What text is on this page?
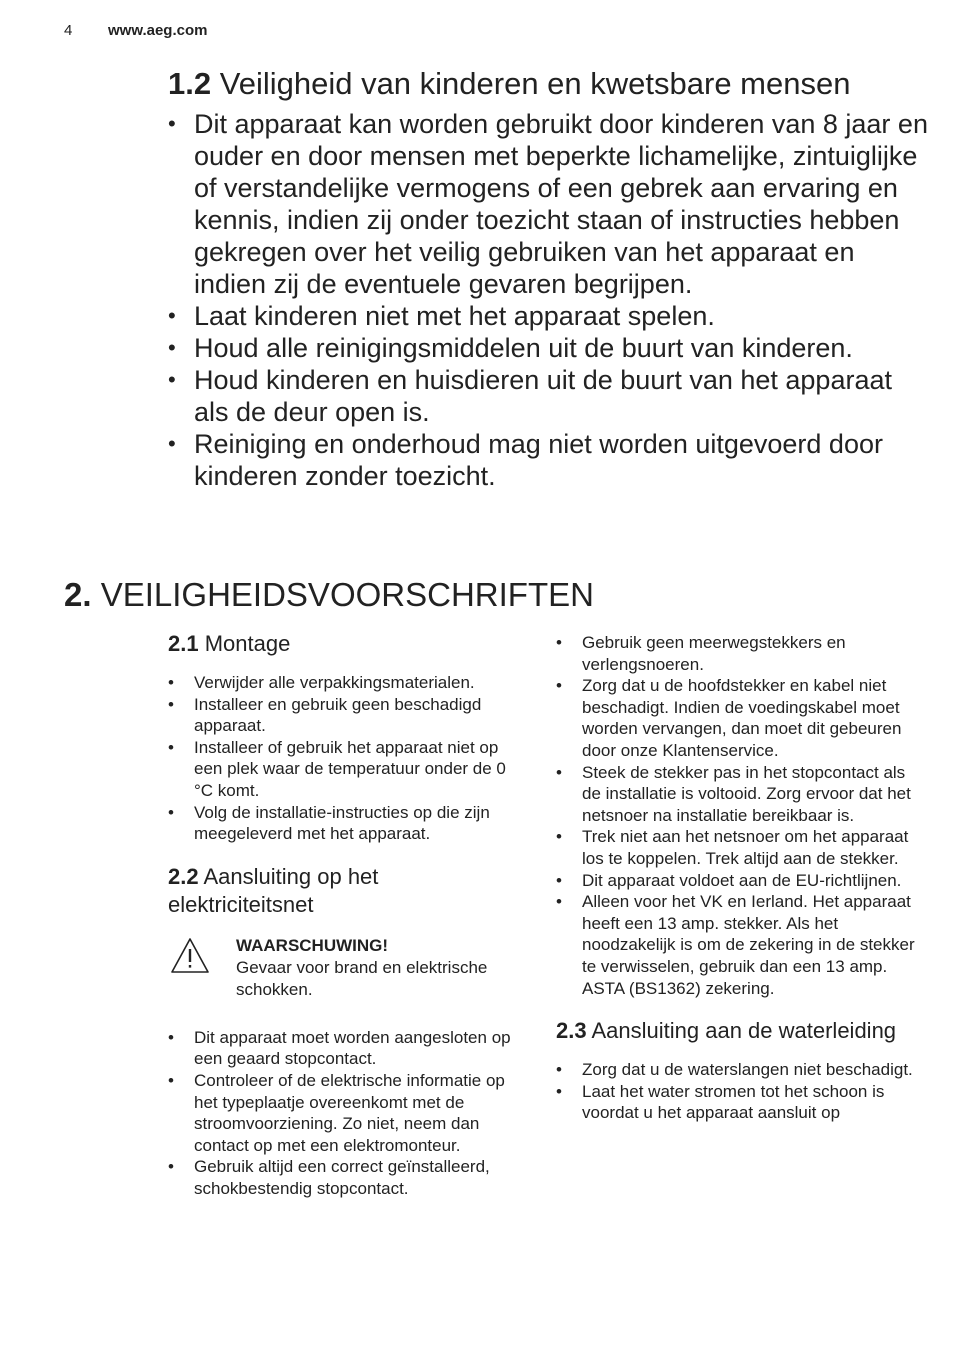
4 www.aeg.com
1.2 Veiligheid van kinderen en kwetsbare mensen
• Dit apparaat kan worden gebruikt door kinderen van 8 jaar en ouder en door mensen met beperkte lichamelijke, zintuiglijke of verstandelijke vermogens of een gebrek aan ervaring en kennis, indien zij onder toezicht staan of instructies hebben gekregen over het veilig gebruiken van het apparaat en indien zij de eventuele gevaren begrijpen.
• Laat kinderen niet met het apparaat spelen.
• Houd alle reinigingsmiddelen uit de buurt van kinderen.
• Houd kinderen en huisdieren uit de buurt van het apparaat als de deur open is.
• Reiniging en onderhoud mag niet worden uitgevoerd door kinderen zonder toezicht.
2. VEILIGHEIDSVOORSCHRIFTEN
2.1 Montage
• Verwijder alle verpakkingsmaterialen.
• Installeer en gebruik geen beschadigd apparaat.
• Installeer of gebruik het apparaat niet op een plek waar de temperatuur onder de 0 °C komt.
• Volg de installatie-instructies op die zijn meegeleverd met het apparaat.
2.2 Aansluiting op het elektriciteitsnet
WAARSCHUWING!
Gevaar voor brand en elektrische schokken.
• Dit apparaat moet worden aangesloten op een geaard stopcontact.
• Controleer of de elektrische informatie op het typeplaatje overeenkomt met de stroomvoorziening. Zo niet, neem dan contact op met een elektromonteur.
• Gebruik altijd een correct geïnstalleerd, schokbestendig stopcontact.
• Gebruik geen meerwegstekkers en verlengsnoeren.
• Zorg dat u de hoofdstekker en kabel niet beschadigt. Indien de voedingskabel moet worden vervangen, dan moet dit gebeuren door onze Klantenservice.
• Steek de stekker pas in het stopcontact als de installatie is voltooid. Zorg ervoor dat het netsnoer na installatie bereikbaar is.
• Trek niet aan het netsnoer om het apparaat los te koppelen. Trek altijd aan de stekker.
• Dit apparaat voldoet aan de EU-richtlijnen.
• Alleen voor het VK en Ierland. Het apparaat heeft een 13 amp. stekker. Als het noodzakelijk is om de zekering in de stekker te verwisselen, gebruik dan een 13 amp. ASTA (BS1362) zekering.
2.3 Aansluiting aan de waterleiding
• Zorg dat u de waterslangen niet beschadigt.
• Laat het water stromen tot het schoon is voordat u het apparaat aansluit op
